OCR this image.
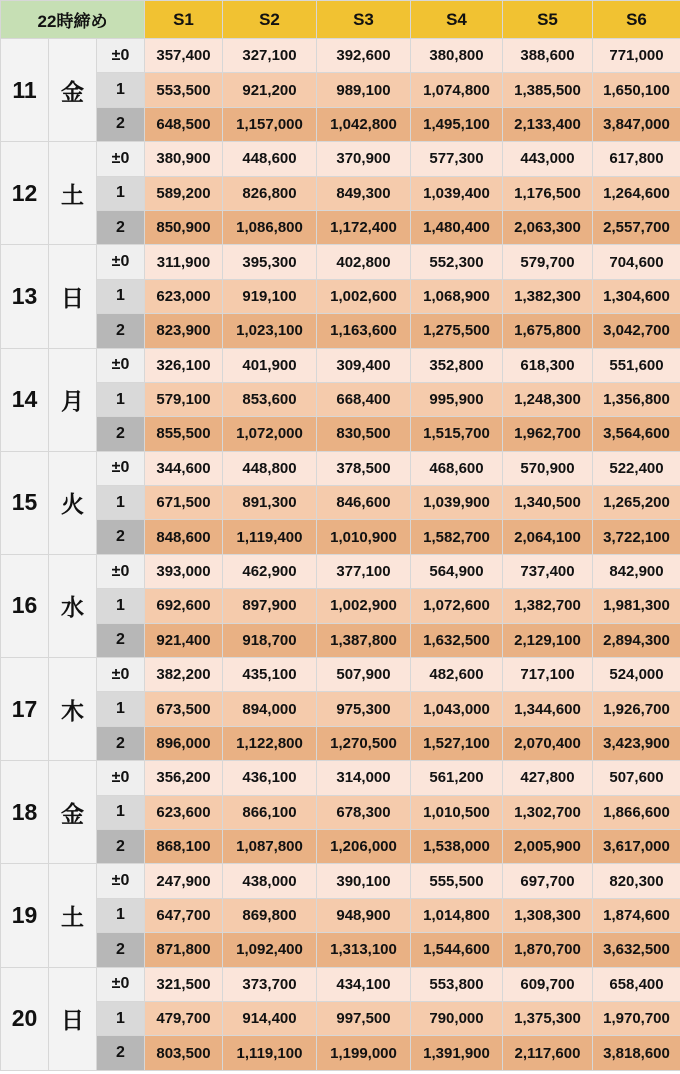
22時締め			S1	S2	S3	S4	S5	S6
11	金	±0	357,400	327,100	392,600	380,800	388,600	771,000
		1	553,500	921,200	989,100	1,074,800	1,385,500	1,650,100
		2	648,500	1,157,000	1,042,800	1,495,100	2,133,400	3,847,000
12	土	±0	380,900	448,600	370,900	577,300	443,000	617,800
		1	589,200	826,800	849,300	1,039,400	1,176,500	1,264,600
		2	850,900	1,086,800	1,172,400	1,480,400	2,063,300	2,557,700
13	日	±0	311,900	395,300	402,800	552,300	579,700	704,600
		1	623,000	919,100	1,002,600	1,068,900	1,382,300	1,304,600
		2	823,900	1,023,100	1,163,600	1,275,500	1,675,800	3,042,700
14	月	±0	326,100	401,900	309,400	352,800	618,300	551,600
		1	579,100	853,600	668,400	995,900	1,248,300	1,356,800
		2	855,500	1,072,000	830,500	1,515,700	1,962,700	3,564,600
15	火	±0	344,600	448,800	378,500	468,600	570,900	522,400
		1	671,500	891,300	846,600	1,039,900	1,340,500	1,265,200
		2	848,600	1,119,400	1,010,900	1,582,700	2,064,100	3,722,100
16	水	±0	393,000	462,900	377,100	564,900	737,400	842,900
		1	692,600	897,900	1,002,900	1,072,600	1,382,700	1,981,300
		2	921,400	918,700	1,387,800	1,632,500	2,129,100	2,894,300
17	木	±0	382,200	435,100	507,900	482,600	717,100	524,000
		1	673,500	894,000	975,300	1,043,000	1,344,600	1,926,700
		2	896,000	1,122,800	1,270,500	1,527,100	2,070,400	3,423,900
18	金	±0	356,200	436,100	314,000	561,200	427,800	507,600
		1	623,600	866,100	678,300	1,010,500	1,302,700	1,866,600
		2	868,100	1,087,800	1,206,000	1,538,000	2,005,900	3,617,000
19	土	±0	247,900	438,000	390,100	555,500	697,700	820,300
		1	647,700	869,800	948,900	1,014,800	1,308,300	1,874,600
		2	871,800	1,092,400	1,313,100	1,544,600	1,870,700	3,632,500
20	日	±0	321,500	373,700	434,100	553,800	609,700	658,400
		1	479,700	914,400	997,500	790,000	1,375,300	1,970,700
		2	803,500	1,119,100	1,199,000	1,391,900	2,117,600	3,818,600
